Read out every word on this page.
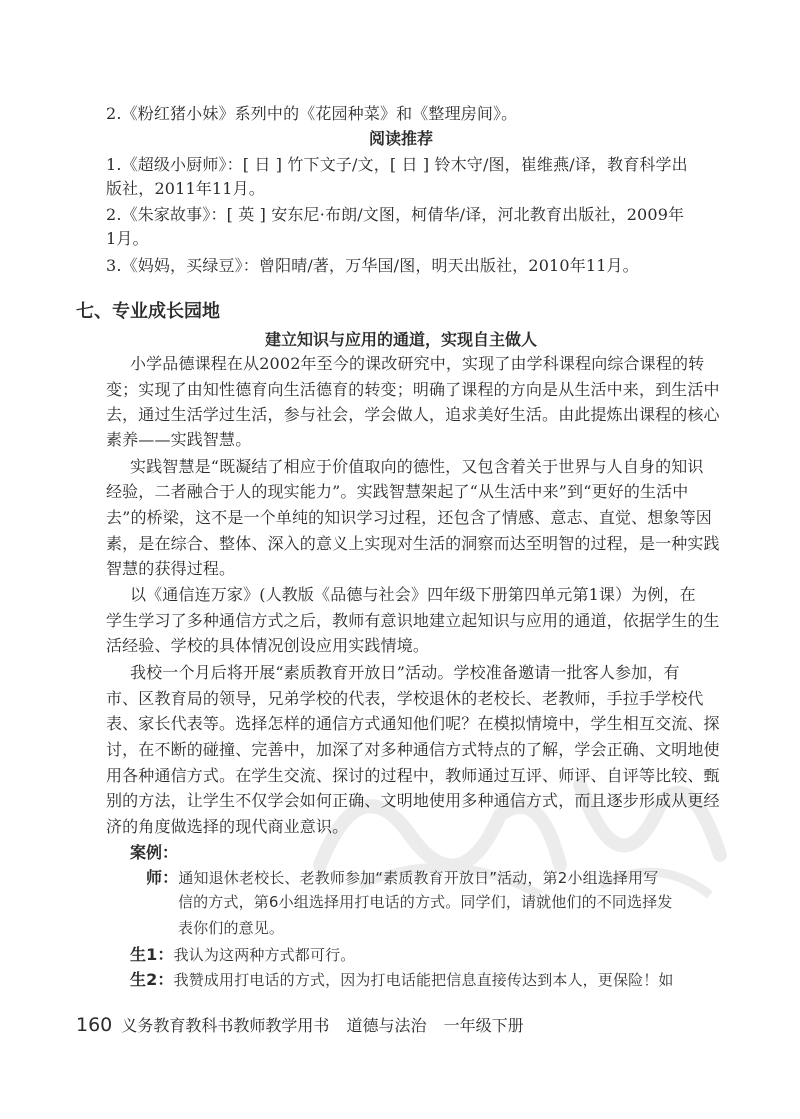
2.《粉红猪小妹》系列中的《花园种菜》和《整理房间》。

阅读推荐

1.《超级小厨师》：[ 日 ] 竹下文子/文，[ 日 ] 铃木守/图，崔维燕/译，教育科学出

版社，2011年11月。

2.《朱家故事》：[ 英 ] 安东尼·布朗/文图，柯倩华/译，河北教育出版社，2009年

1月。

3.《妈妈，买绿豆》：曾阳晴/著，万华国/图，明天出版社，2010年11月。

七、专业成长园地

建立知识与应用的通道，实现自主做人

小学品德课程在从2002年至今的课改研究中，实现了由学科课程向综合课程的转

变；实现了由知性德育向生活德育的转变；明确了课程的方向是从生活中来，到生活中

去，通过生活学过生活，参与社会，学会做人，追求美好生活。由此提炼出课程的核心

素养——实践智慧。

实践智慧是“既凝结了相应于价值取向的德性，又包含着关于世界与人自身的知识

经验，二者融合于人的现实能力”。实践智慧架起了“从生活中来”到“更好的生活中

去”的桥梁，这不是一个单纯的知识学习过程，还包含了情感、意志、直觉、想象等因

素，是在综合、整体、深入的意义上实现对生活的洞察而达至明智的过程，是一种实践

智慧的获得过程。

以《通信连万家》(人教版《品德与社会》四年级下册第四单元第1课）为例，在

学生学习了多种通信方式之后，教师有意识地建立起知识与应用的通道，依据学生的生

活经验、学校的具体情况创设应用实践情境。

我校一个月后将开展“素质教育开放日”活动。学校准备邀请一批客人参加，有

市、区教育局的领导，兄弟学校的代表，学校退休的老校长、老教师，手拉手学校代

表、家长代表等。选择怎样的通信方式通知他们呢？在模拟情境中，学生相互交流、探

讨，在不断的碰撞、完善中，加深了对多种通信方式特点的了解，学会正确、文明地使

用各种通信方式。在学生交流、探讨的过程中，教师通过互评、师评、自评等比较、甄

别的方法，让学生不仅学会如何正确、文明地使用多种通信方式，而且逐步形成从更经

济的角度做选择的现代商业意识。

案例：

师：通知退休老校长、老教师参加“素质教育开放日”活动，第2小组选择用写

信的方式，第6小组选择用打电话的方式。同学们，请就他们的不同选择发

表你们的意见。

生1：我认为这两种方式都可行。

生2：我赞成用打电话的方式，因为打电话能把信息直接传达到本人，更保险！如

160 义务教育教科书教师教学用书 道德与法治 一年级下册
